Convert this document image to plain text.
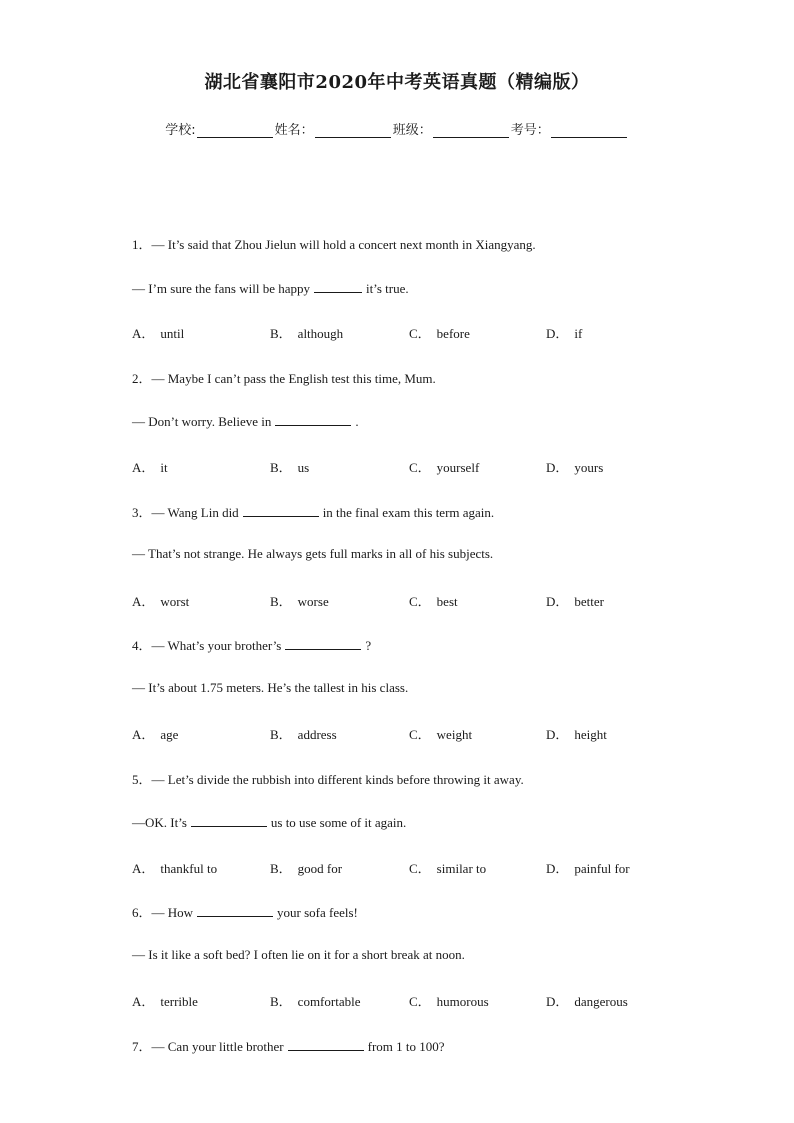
湖北省襄阳市2020年中考英语真题（精编版）
学校:	姓名：	班级：	考号：
1．— It’s said that Zhou Jielun will hold a concert next month in Xiangyang.
— I’m sure the fans will be happy	it’s true.
A． until	B． although	C． before	D． if
2．— Maybe I can’t pass the English test this time, Mum.
— Don’t worry. Believe in	.
A． it	B． us	C． yourself	D． yours
3．— Wang Lin did	in the final exam this term again.
— That’s not strange. He always gets full marks in all of his subjects.
A． worst	B． worse	C． best	D． better
4．— What’s your brother’s	?
— It’s about 1.75 meters. He’s the tallest in his class.
A． age	B． address	C． weight	D． height
5．— Let’s divide the rubbish into different kinds before throwing it away.
—OK. It’s	us to use some of it again.
A． thankful to	B． good for	C． similar to	D． painful for
6．— How	your sofa feels!
— Is it like a soft bed? I often lie on it for a short break at noon.
A． terrible	B． comfortable	C． humorous	D． dangerous
7．— Can your little brother	from 1 to 100?
